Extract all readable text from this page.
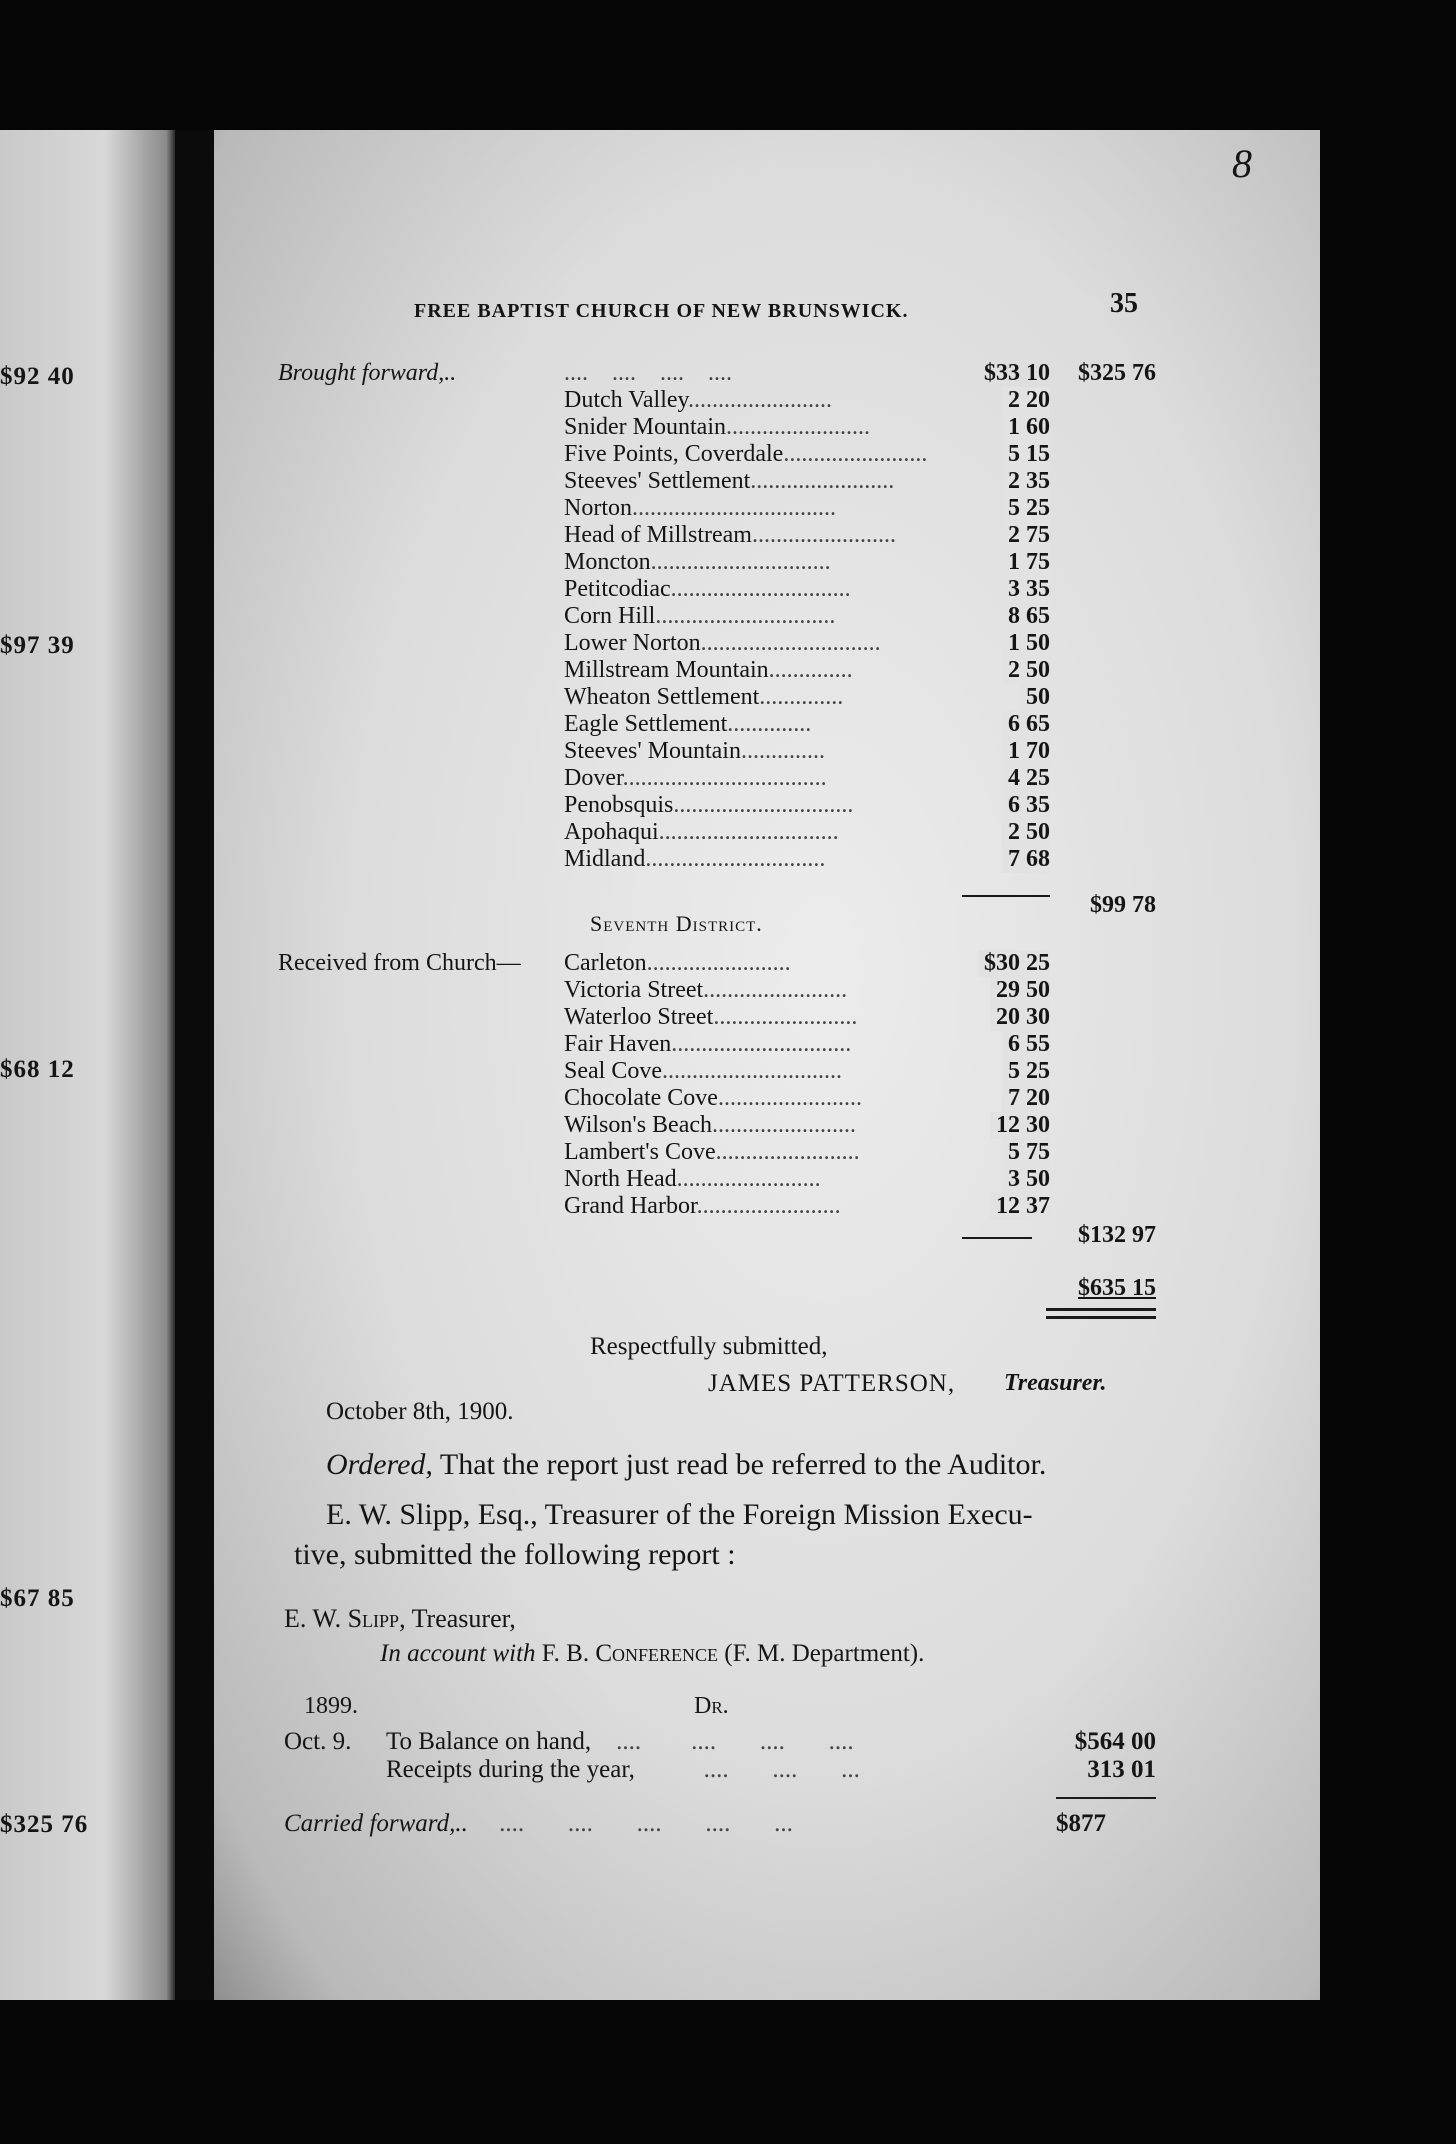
$92 40
$97 39
$68 12
$67 85
$325 76
8
FREE BAPTIST CHURCH OF NEW BRUNSWICK.	35
Brought forward,..	....    ....    ....    ....	$33 10	$325 76
Dutch Valley........................	2 20
Snider Mountain........................	1 60
Five Points, Coverdale........................	5 15
Steeves' Settlement........................	2 35
Norton..................................	5 25
Head of Millstream........................	2 75
Moncton..............................	1 75
Petitcodiac..............................	3 35
Corn Hill..............................	8 65
Lower Norton..............................	1 50
Millstream Mountain..............	2 50
Wheaton Settlement..............	50
Eagle Settlement..............	6 65
Steeves' Mountain..............	1 70
Dover..................................	4 25
Penobsquis..............................	6 35
Apohaqui..............................	2 50
Midland..............................	7 68
$99 78
Seventh District.
Received from Church— Carleton........................	$30 25
Victoria Street........................	29 50
Waterloo Street........................	20 30
Fair Haven..............................	6 55
Seal Cove..............................	5 25
Chocolate Cove........................	7 20
Wilson's Beach........................	12 30
Lambert's Cove........................	5 75
North Head........................	3 50
Grand Harbor........................	12 37
$132 97
$635 15
Respectfully submitted,
JAMES PATTERSON, Treasurer.
October 8th, 1900.
Ordered, That the report just read be referred to the Auditor.
E. W. Slipp, Esq., Treasurer of the Foreign Mission Execu-
tive, submitted the following report :
E. W. Slipp, Treasurer,
In account with F. B. Conference (F. M. Department).
1899.	Dr.
Oct. 9. To Balance on hand,    ....        ....       ....       ....	$564 00
Receipts during the year,           ....       ....       ...	313 01
Carried forward,..     ....       ....       ....       ....       ...	$877
